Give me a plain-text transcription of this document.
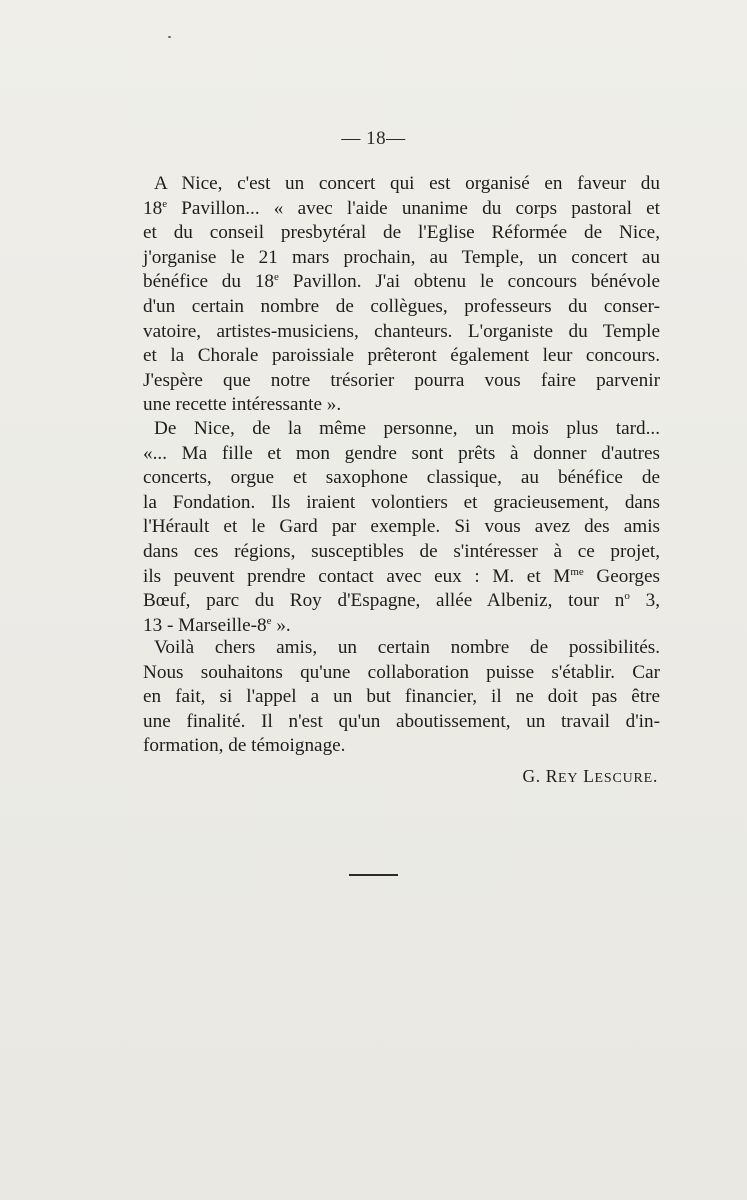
— 18—

A Nice, c'est un concert qui est organisé en faveur du
18e Pavillon... « avec l'aide unanime du corps pastoral et
et du conseil presbytéral de l'Eglise Réformée de Nice,
j'organise le 21 mars prochain, au Temple, un concert au
bénéfice du 18e Pavillon. J'ai obtenu le concours bénévole
d'un certain nombre de collègues, professeurs du conser-
vatoire, artistes-musiciens, chanteurs. L'organiste du Temple
et la Chorale paroissiale prêteront également leur concours.
J'espère que notre trésorier pourra vous faire parvenir
une recette intéressante ».

De Nice, de la même personne, un mois plus tard...
«... Ma fille et mon gendre sont prêts à donner d'autres
concerts, orgue et saxophone classique, au bénéfice de
la Fondation. Ils iraient volontiers et gracieusement, dans
l'Hérault et le Gard par exemple. Si vous avez des amis
dans ces régions, susceptibles de s'intéresser à ce projet,
ils peuvent prendre contact avec eux : M. et $M^{me}$ Georges
Bœuf, parc du Roy d'Espagne, allée Albeniz, tour $n^o$ 3,
13 - Marseille-8e ».

Voilà chers amis, un certain nombre de possibilités.
Nous souhaitons qu'une collaboration puisse s'établir. Car
en fait, si l'appel a un but financier, il ne doit pas être
une finalité. Il n'est qu'un aboutissement, un travail d'in-
formation, de témoignage.

G. REY LESCURE.
